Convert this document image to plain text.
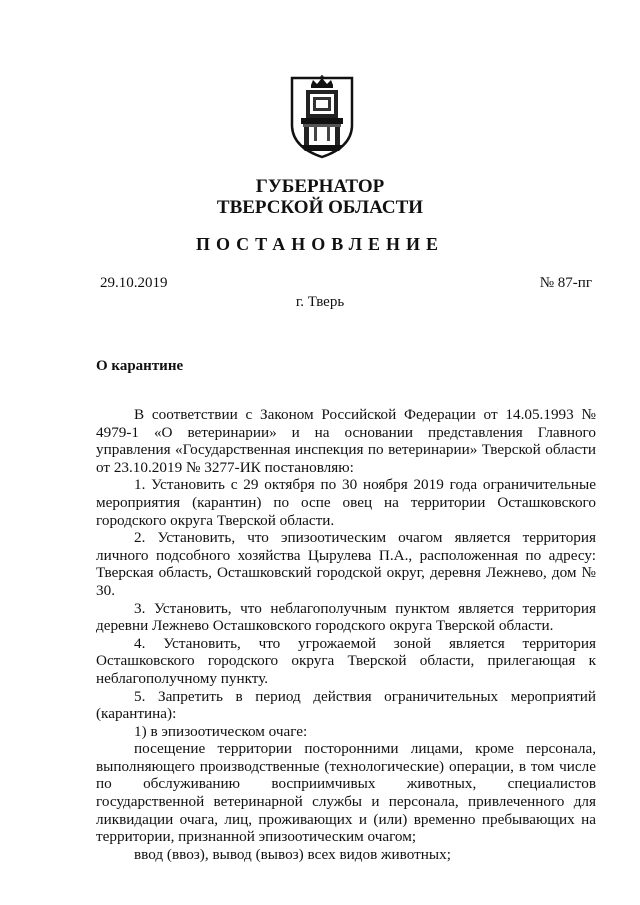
ГУБЕРНАТОР
ТВЕРСКОЙ ОБЛАСТИ
ПОСТАНОВЛЕНИЕ
29.10.2019	№ 87-пг
г. Тверь
О карантине

В соответствии с Законом Российской Федерации от 14.05.1993 № 4979-1 «О ветеринарии» и на основании представления Главного управления «Государственная инспекция по ветеринарии» Тверской области от 23.10.2019 № 3277-ИК постановляю:

1. Установить с 29 октября по 30 ноября 2019 года ограничительные мероприятия (карантин) по оспе овец на территории Осташковского городского округа Тверской области.

2. Установить, что эпизоотическим очагом является территория личного подсобного хозяйства Цырулева П.А., расположенная по адресу: Тверская область, Осташковский городской округ, деревня Лежнево, дом № 30.

3. Установить, что неблагополучным пунктом является территория деревни Лежнево Осташковского городского округа Тверской области.

4. Установить, что угрожаемой зоной является территория Осташковского городского округа Тверской области, прилегающая к неблагополучному пункту.

5. Запретить в период действия ограничительных мероприятий (карантина):

1) в эпизоотическом очаге:

посещение территории посторонними лицами, кроме персонала, выполняющего производственные (технологические) операции, в том числе по обслуживанию восприимчивых животных, специалистов государственной ветеринарной службы и персонала, привлеченного для ликвидации очага, лиц, проживающих и (или) временно пребывающих на территории, признанной эпизоотическим очагом;

ввод (ввоз), вывод (вывоз) всех видов животных;
